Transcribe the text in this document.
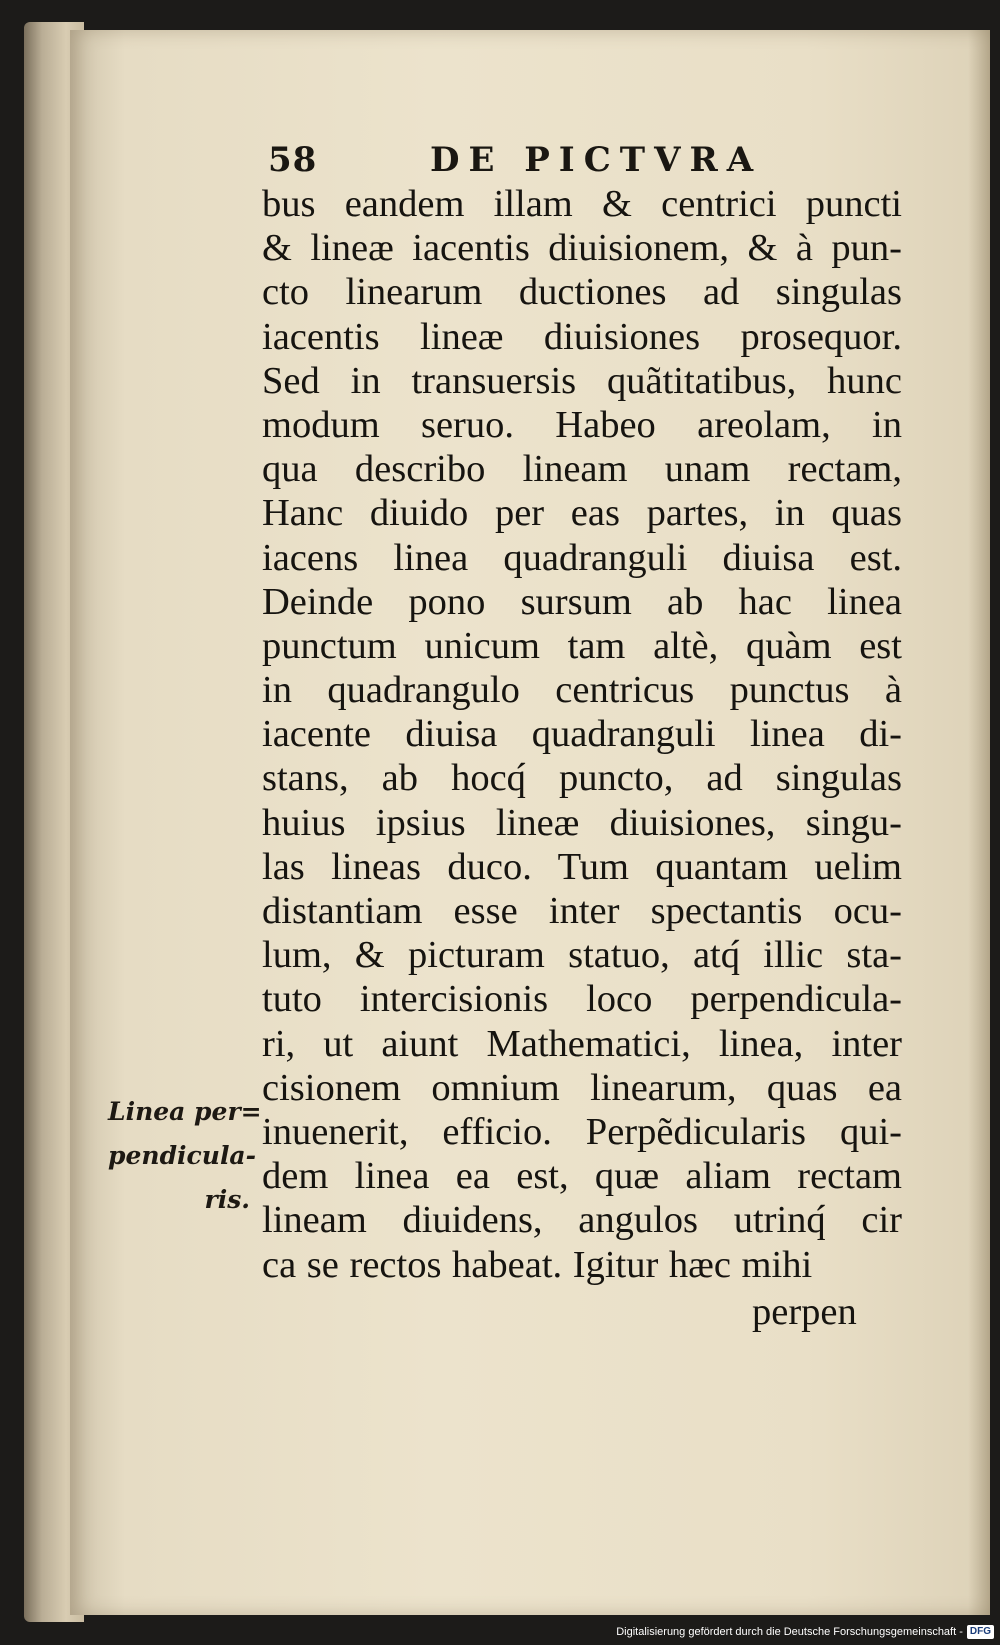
58	DE PICTVRA
bus eandem illam & centrici puncti
& lineæ iacentis diuisionem, & à pun-
cto linearum ductiones ad singulas
iacentis lineæ diuisiones prosequor.
Sed in transuersis quãtitatibus, hunc
modum seruo. Habeo areolam, in
qua describo lineam unam rectam,
Hanc diuido per eas partes, in quas
iacens linea quadranguli diuisa est.
Deinde pono sursum ab hac linea
punctum unicum tam altè, quàm est
in quadrangulo centricus punctus à
iacente diuisa quadranguli linea di-
stans, ab hocq́ puncto, ad singulas
huius ipsius lineæ diuisiones, singu-
las lineas duco. Tum quantam uelim
distantiam esse inter spectantis ocu-
lum, & picturam statuo, atq́ illic sta-
tuto intercisionis loco perpendicula-
ri, ut aiunt Mathematici, linea, inter
cisionem omnium linearum, quas ea
inuenerit, efficio. Perpẽdicularis qui-
dem linea ea est, quæ aliam rectam
lineam diuidens, angulos utrinq́ cir
ca se rectos habeat. Igitur hæc mihi
perpen
Linea per=
pendicula-
ris.
Digitalisierung gefördert durch die Deutsche Forschungsgemeinschaft - DFG
